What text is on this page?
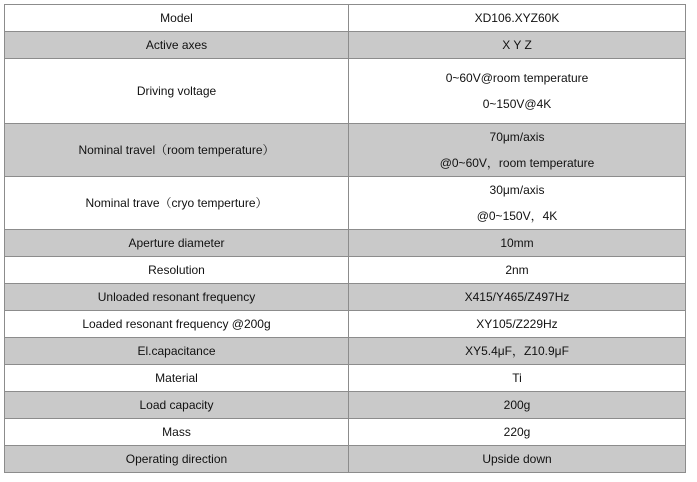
Model	XD106.XYZ60K

Active axes	X Y Z

Driving voltage	0~60V@room temperature
0~150V@4K

Nominal travel（room temperature）	70μm/axis
@0~60V，room temperature

Nominal trave（cryo temperture）	30μm/axis
@0~150V，4K

Aperture diameter	10mm

Resolution	2nm

Unloaded resonant frequency	X415/Y465/Z497Hz

Loaded resonant frequency @200g	XY105/Z229Hz

El.capacitance	XY5.4μF，Z10.9μF

Material	Ti

Load capacity	200g

Mass	220g

Operating direction	Upside down
